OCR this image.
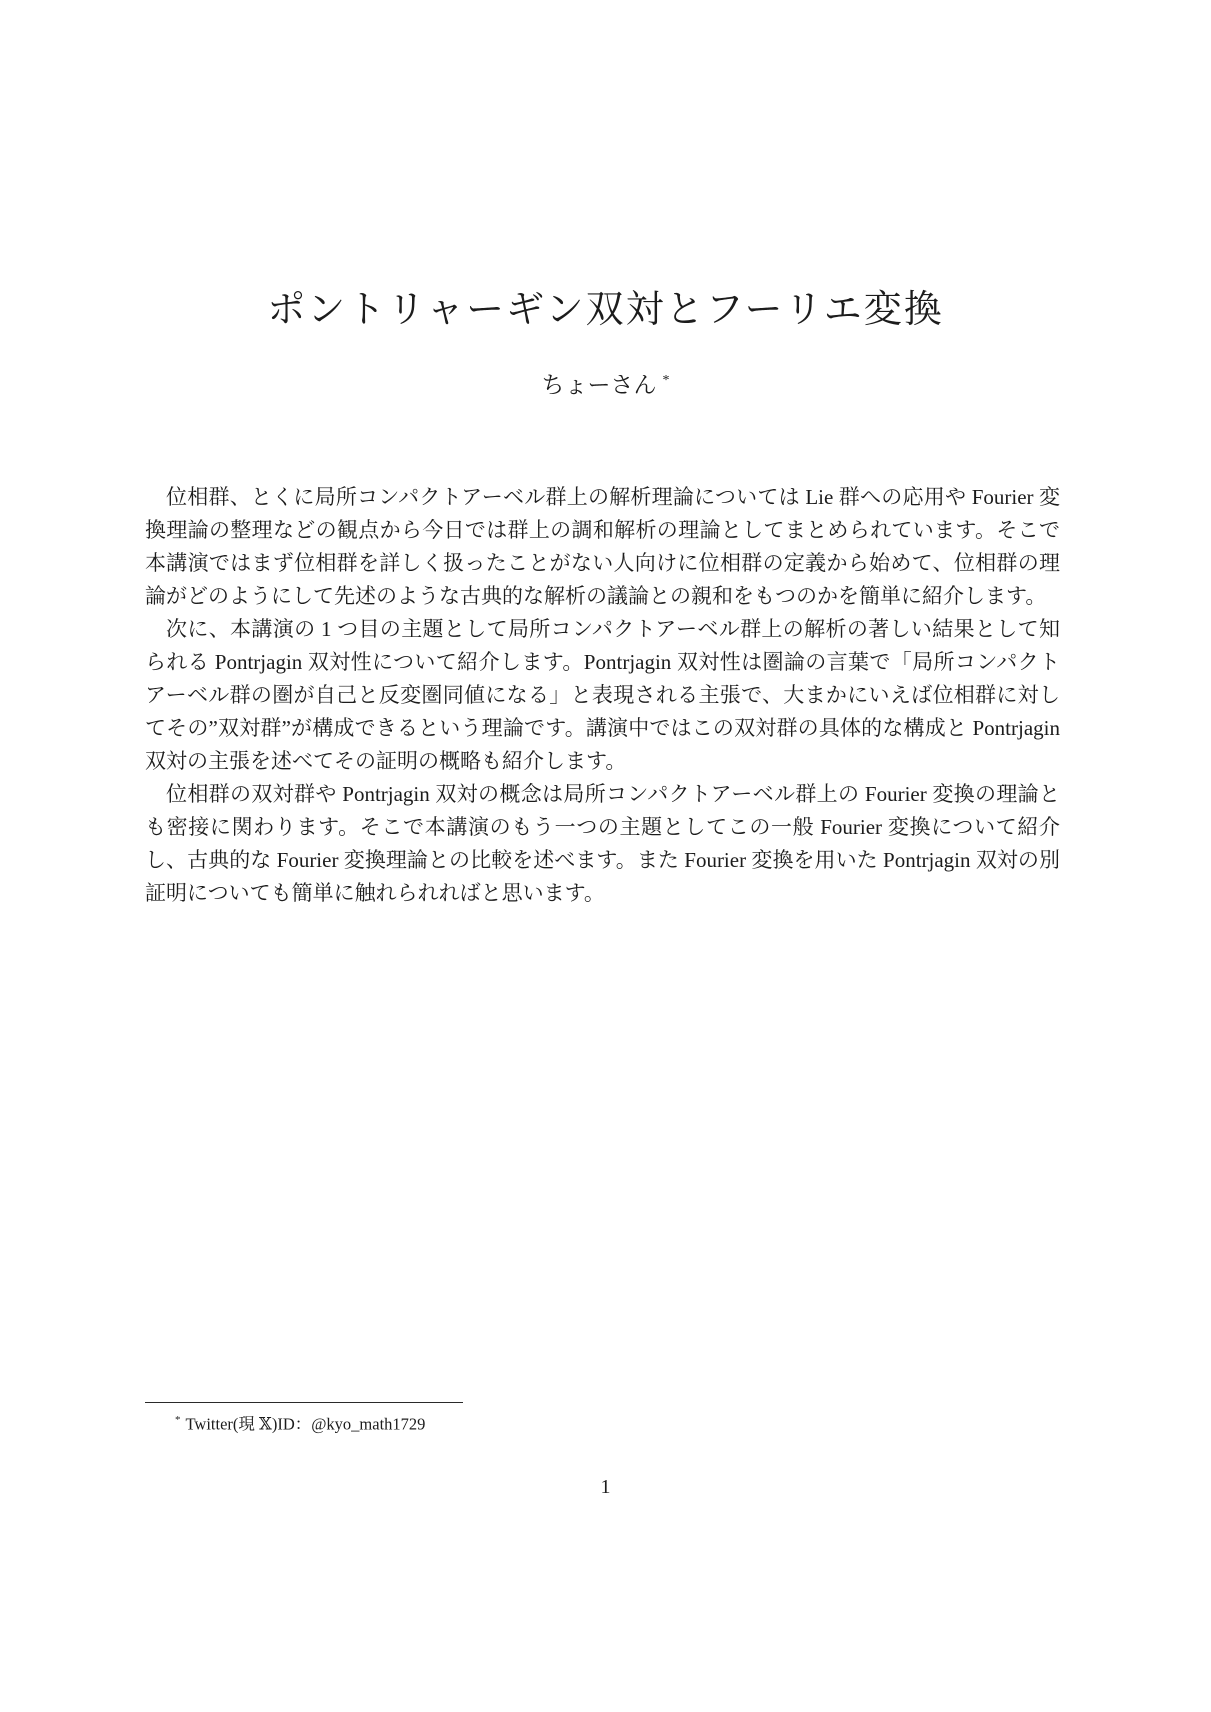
ポントリャーギン双対とフーリエ変換
ちょーさん *

位相群、とくに局所コンパクトアーベル群上の解析理論については Lie 群への応用や Fourier 変換理論の整理などの観点から今日では群上の調和解析の理論としてまとめられています。そこで本講演ではまず位相群を詳しく扱ったことがない人向けに位相群の定義から始めて、位相群の理論がどのようにして先述のような古典的な解析の議論との親和をもつのかを簡単に紹介します。

次に、本講演の 1 つ目の主題として局所コンパクトアーベル群上の解析の著しい結果として知られる Pontrjagin 双対性について紹介します。Pontrjagin 双対性は圏論の言葉で「局所コンパクトアーベル群の圏が自己と反変圏同値になる」と表現される主張で、大まかにいえば位相群に対してその”双対群”が構成できるという理論です。講演中ではこの双対群の具体的な構成と Pontrjagin 双対の主張を述べてその証明の概略も紹介します。

位相群の双対群や Pontrjagin 双対の概念は局所コンパクトアーベル群上の Fourier 変換の理論とも密接に関わります。そこで本講演のもう一つの主題としてこの一般 Fourier 変換について紹介し、古典的な Fourier 変換理論との比較を述べます。また Fourier 変換を用いた Pontrjagin 双対の別証明についても簡単に触れられればと思います。

* Twitter(現 𝕏)ID：@kyo_math1729
1
